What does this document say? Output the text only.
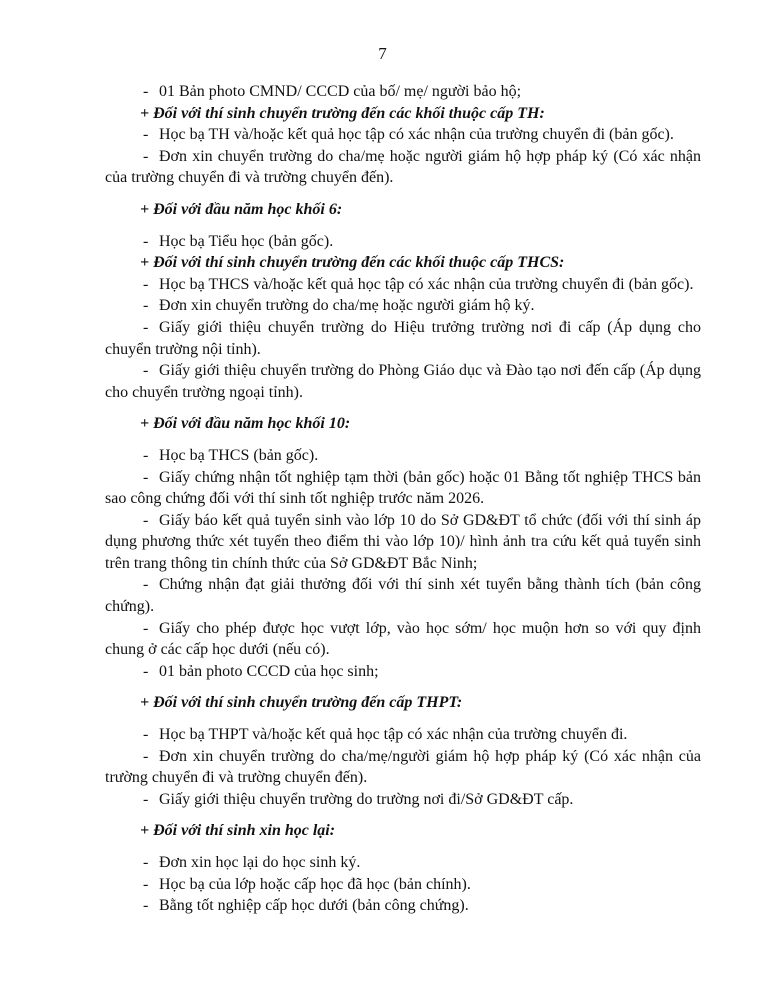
7

- 01 Bản photo CMND/ CCCD của bố/ mẹ/ người bảo hộ;

+ Đối với thí sinh chuyển trường đến các khối thuộc cấp TH:

- Học bạ TH và/hoặc kết quả học tập có xác nhận của trường chuyển đi (bản gốc).

- Đơn xin chuyển trường do cha/mẹ hoặc người giám hộ hợp pháp ký (Có xác nhận của trường chuyển đi và trường chuyển đến).

+ Đối với đầu năm học khối 6:

- Học bạ Tiểu học (bản gốc).

+ Đối với thí sinh chuyển trường đến các khối thuộc cấp THCS:

- Học bạ THCS và/hoặc kết quả học tập có xác nhận của trường chuyển đi (bản gốc).

- Đơn xin chuyển trường do cha/mẹ hoặc người giám hộ ký.

- Giấy giới thiệu chuyển trường do Hiệu trưởng trường nơi đi cấp (Áp dụng cho chuyển trường nội tỉnh).

- Giấy giới thiệu chuyển trường do Phòng Giáo dục và Đào tạo nơi đến cấp (Áp dụng cho chuyển trường ngoại tỉnh).

+ Đối với đầu năm học khối 10:

- Học bạ THCS (bản gốc).

- Giấy chứng nhận tốt nghiệp tạm thời (bản gốc) hoặc 01 Bằng tốt nghiệp THCS bản sao công chứng đối với thí sinh tốt nghiệp trước năm 2026.

- Giấy báo kết quả tuyển sinh vào lớp 10 do Sở GD&ĐT tổ chức (đối với thí sinh áp dụng phương thức xét tuyển theo điểm thi vào lớp 10)/ hình ảnh tra cứu kết quả tuyển sinh trên trang thông tin chính thức của Sở GD&ĐT Bắc Ninh;

- Chứng nhận đạt giải thưởng đối với thí sinh xét tuyển bằng thành tích (bản công chứng).

- Giấy cho phép được học vượt lớp, vào học sớm/ học muộn hơn so với quy định chung ở các cấp học dưới (nếu có).

- 01 bản photo CCCD của học sinh;

+ Đối với thí sinh chuyển trường đến cấp THPT:

- Học bạ THPT và/hoặc kết quả học tập có xác nhận của trường chuyển đi.

- Đơn xin chuyển trường do cha/mẹ/người giám hộ hợp pháp ký (Có xác nhận của trường chuyển đi và trường chuyển đến).

- Giấy giới thiệu chuyển trường do trường nơi đi/Sở GD&ĐT cấp.

+ Đối với thí sinh xin học lại:

- Đơn xin học lại do học sinh ký.

- Học bạ của lớp hoặc cấp học đã học (bản chính).

- Bằng tốt nghiệp cấp học dưới (bản công chứng).
